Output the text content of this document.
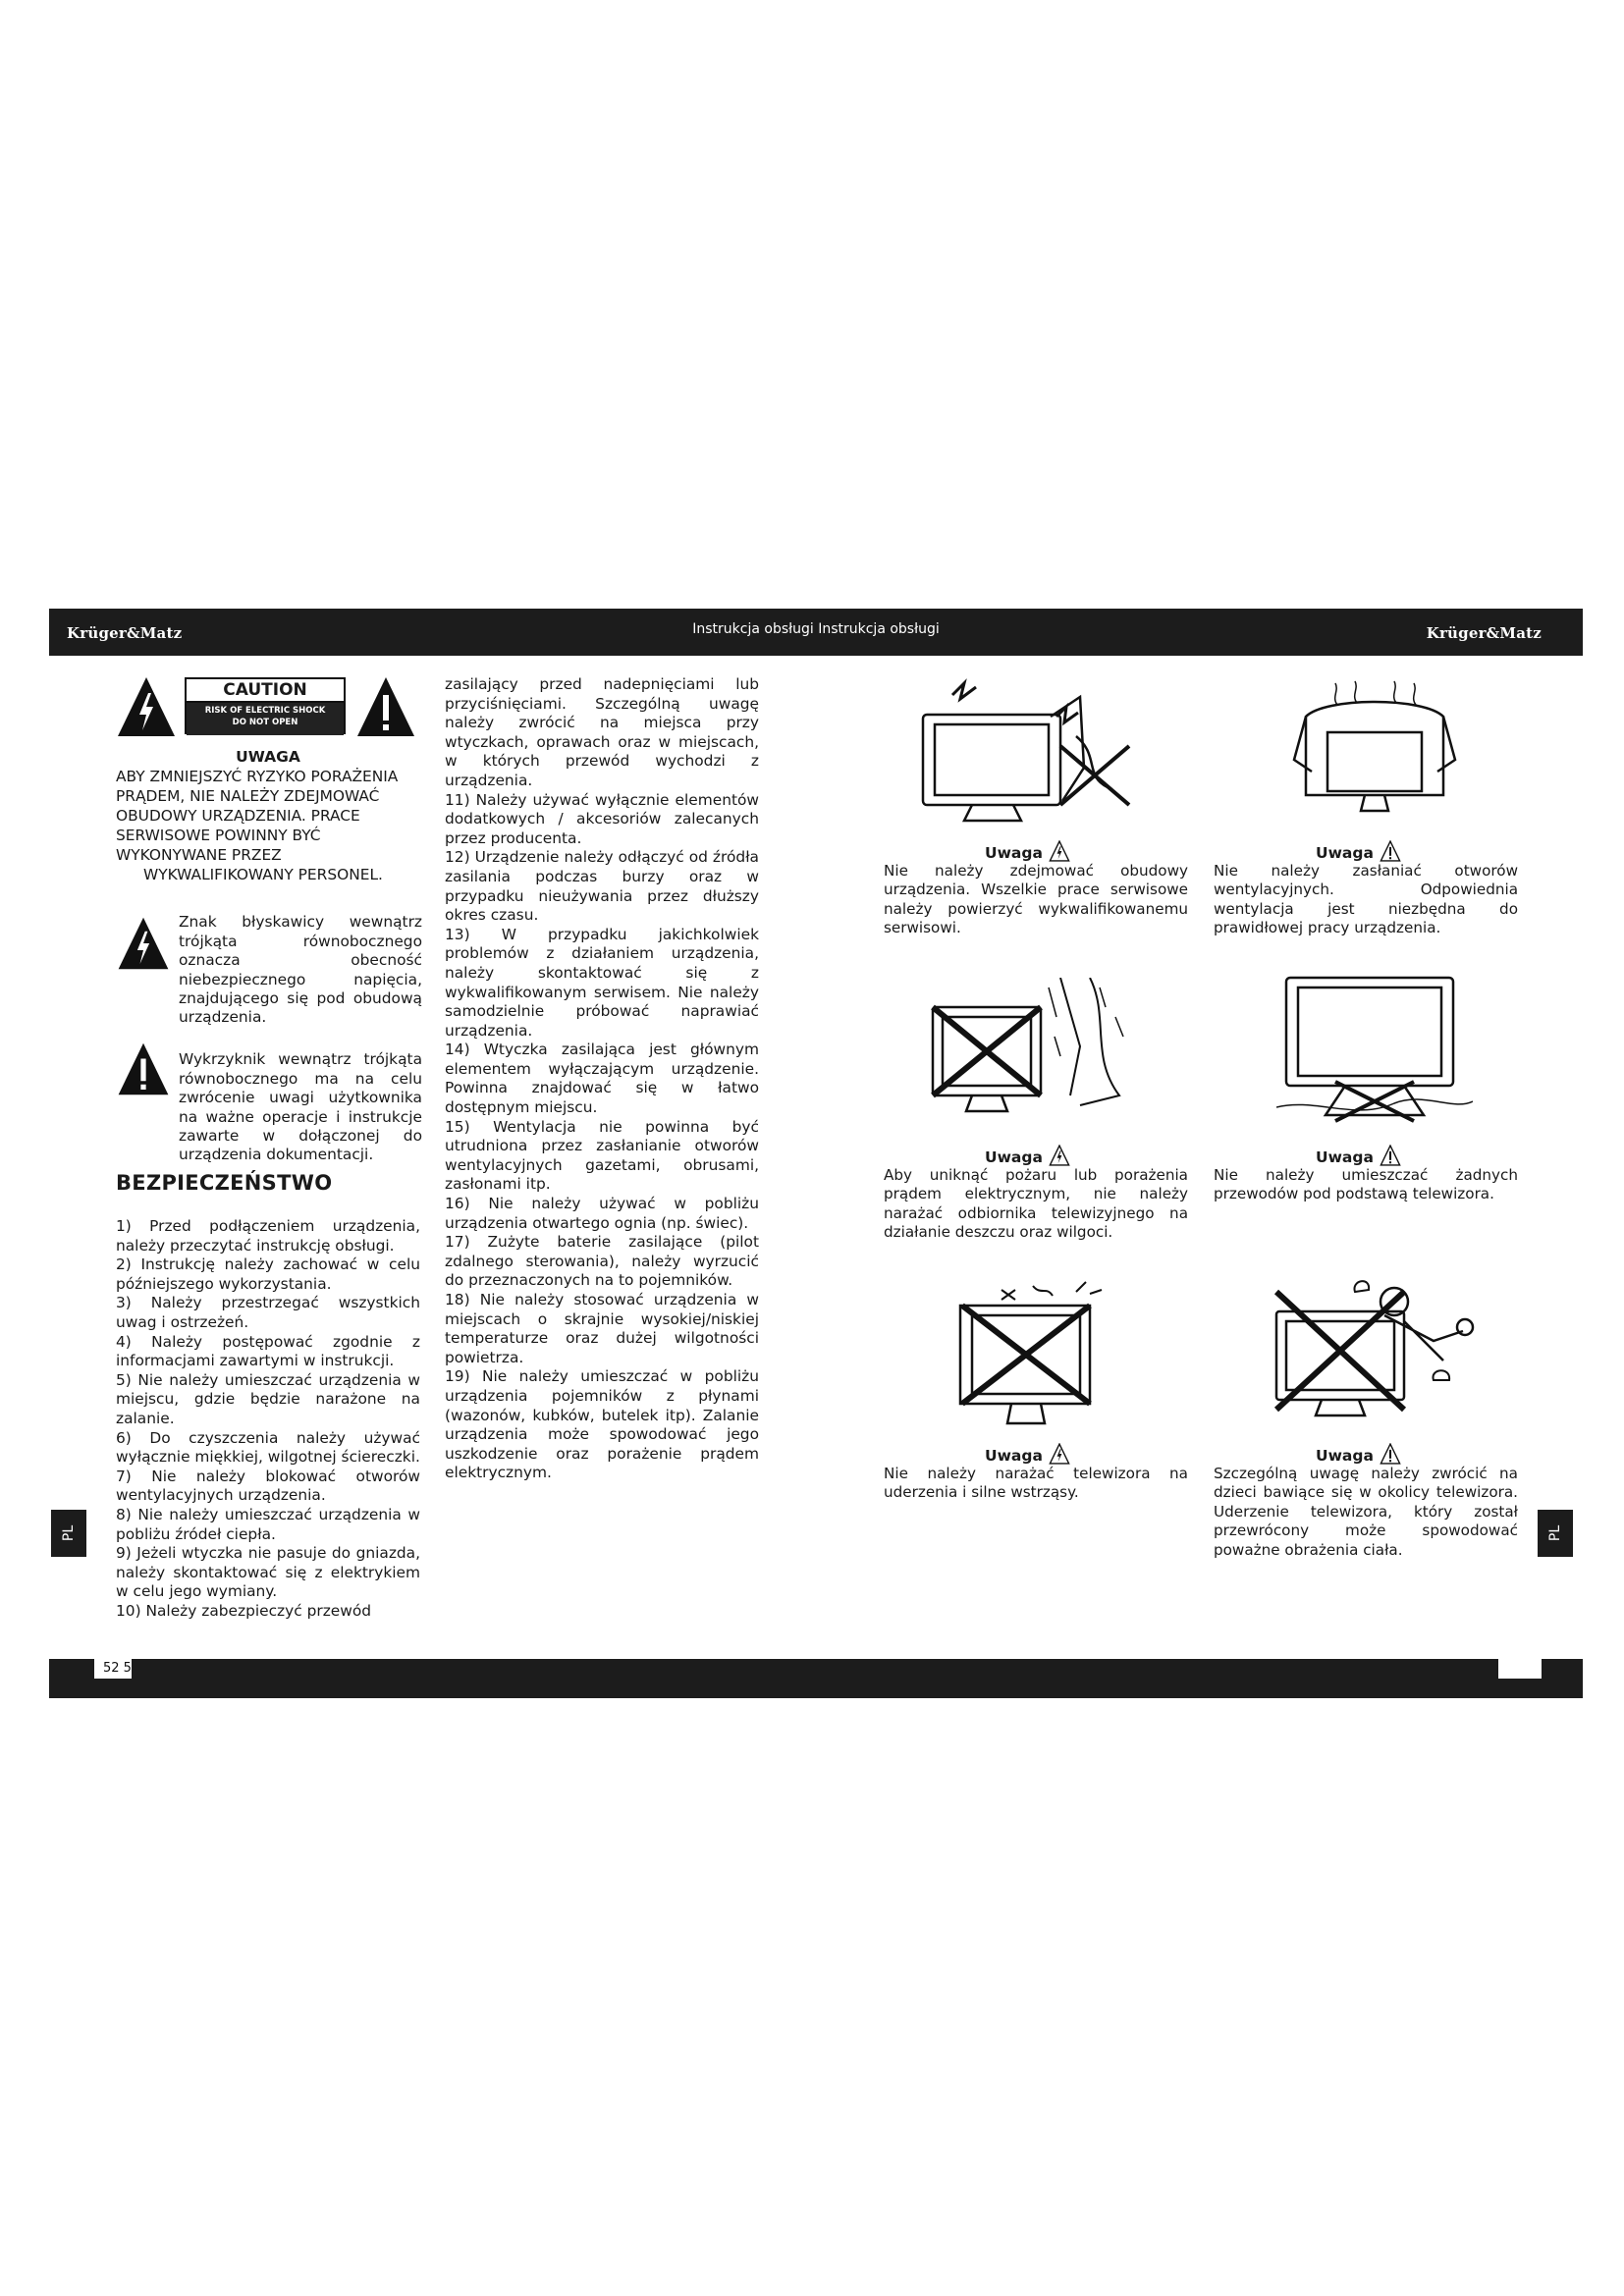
Krüger&Matz	Instrukcja obsługi Instrukcja obsługi	Krüger&Matz
PL	PL
CAUTION
RISK OF ELECTRIC SHOCK
DO NOT OPEN
UWAGA
ABY ZMNIEJSZYĆ RYZYKO PORAŻENIA
PRĄDEM, NIE NALEŻY ZDEJMOWAĆ
OBUDOWY URZĄDZENIA. PRACE
SERWISOWE POWINNY BYĆ
WYKONYWANE PRZEZ
WYKWALIFIKOWANY PERSONEL.

Znak błyskawicy wewnątrz trójkąta równobocznego oznacza obecność niebezpiecznego napięcia, znajdującego się pod obudową urządzenia.

Wykrzyknik wewnątrz trójkąta równobocznego ma na celu zwrócenie uwagi użytkownika na ważne operacje i instrukcje zawarte w dołączonej do urządzenia dokumentacji.

BEZPIECZEŃSTWO

1) Przed podłączeniem urządzenia, należy przeczytać instrukcję obsługi.

2) Instrukcję należy zachować w celu późniejszego wykorzystania.

3) Należy przestrzegać wszystkich uwag i ostrzeżeń.

4) Należy postępować zgodnie z informacjami zawartymi w instrukcji.

5) Nie należy umieszczać urządzenia w miejscu, gdzie będzie narażone na zalanie.

6) Do czyszczenia należy używać wyłącznie miękkiej, wilgotnej ściereczki.

7) Nie należy blokować otworów wentylacyjnych urządzenia.

8) Nie należy umieszczać urządzenia w pobliżu źródeł ciepła.

9) Jeżeli wtyczka nie pasuje do gniazda, należy skontaktować się z elektrykiem w celu jego wymiany.

10) Należy zabezpieczyć przewód

zasilający przed nadepnięciami lub przyciśnięciami. Szczególną uwagę należy zwrócić na miejsca przy wtyczkach, oprawach oraz w miejscach, w których przewód wychodzi z urządzenia.

11) Należy używać wyłącznie elementów dodatkowych / akcesoriów zalecanych przez producenta.

12) Urządzenie należy odłączyć od źródła zasilania podczas burzy oraz w przypadku nieużywania przez dłuższy okres czasu.

13) W przypadku jakichkolwiek problemów z działaniem urządzenia, należy skontaktować się z wykwalifikowanym serwisem. Nie należy samodzielnie próbować naprawiać urządzenia.

14) Wtyczka zasilająca jest głównym elementem wyłączającym urządzenie. Powinna znajdować się w łatwo dostępnym miejscu.

15) Wentylacja nie powinna być utrudniona przez zasłanianie otworów wentylacyjnych gazetami, obrusami, zasłonami itp.

16) Nie należy używać w pobliżu urządzenia otwartego ognia (np. świec).

17) Zużyte baterie zasilające (pilot zdalnego sterowania), należy wyrzucić do przeznaczonych na to pojemników.

18) Nie należy stosować urządzenia w miejscach o skrajnie wysokiej/niskiej temperaturze oraz dużej wilgotności powietrza.

19) Nie należy umieszczać w pobliżu urządzenia pojemników z płynami (wazonów, kubków, butelek itp). Zalanie urządzenia może spowodować jego uszkodzenie oraz porażenie prądem elektrycznym.

Uwaga

Nie należy zdejmować obudowy urządzenia. Wszelkie prace serwisowe należy powierzyć wykwalifikowanemu serwisowi.

Uwaga

Nie należy zasłaniać otworów wentylacyjnych. Odpowiednia wentylacja jest niezbędna do prawidłowej pracy urządzenia.

Uwaga

Aby uniknąć pożaru lub porażenia prądem elektrycznym, nie należy narażać odbiornika telewizyjnego na działanie deszczu oraz wilgoci.

Uwaga

Nie należy umieszczać żadnych przewodów pod podstawą telewizora.

Uwaga

Nie należy narażać telewizora na uderzenia i silne wstrząsy.

Uwaga

Szczególną uwagę należy zwrócić na dzieci bawiące się w okolicy telewizora. Uderzenie telewizora, który został przewrócony może spowodować poważne obrażenia ciała.

52 5
